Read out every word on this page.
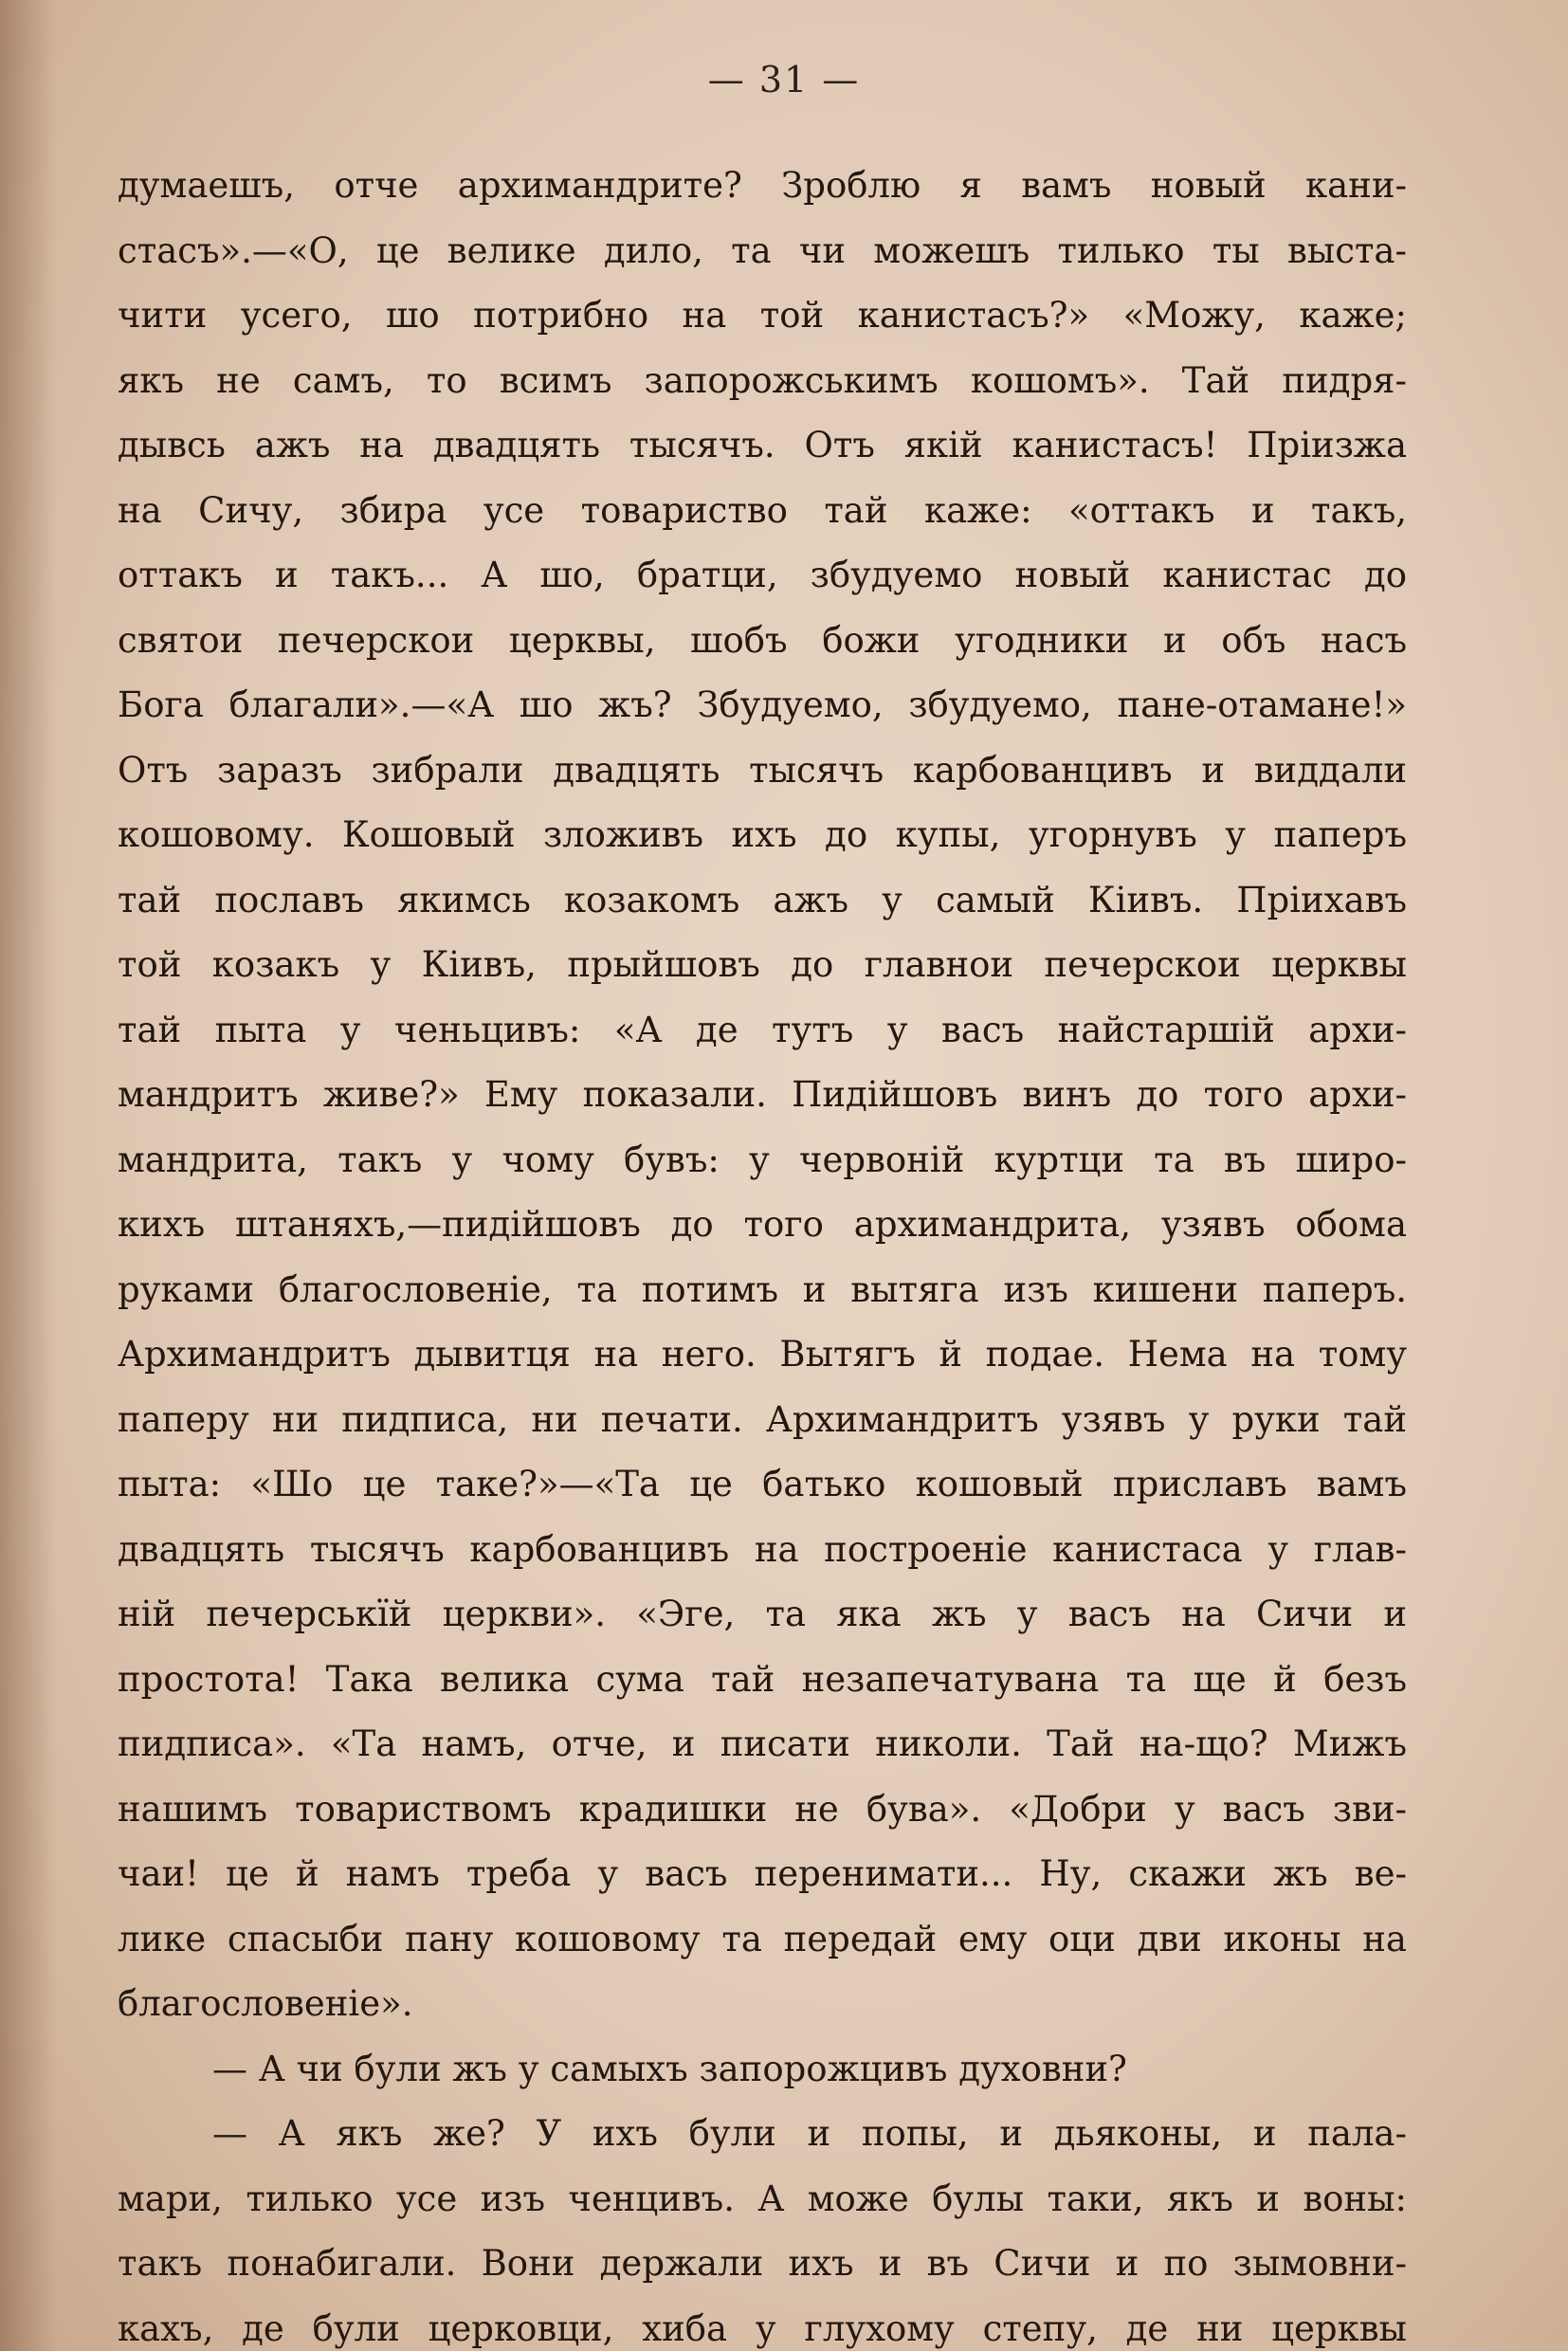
— 31 —
думаешъ, отче архимандрите? Зроблю я вамъ новый кани-
стасъ».—«О, це велике дило, та чи можешъ тилько ты выста-
чити усего, шо потрибно на той канистасъ?» «Можу, каже;
якъ не самъ, то всимъ запорожськимъ кошомъ». Тай пидря-
дывсь ажъ на двадцять тысячъ. Отъ якій канистасъ! Пріизжа
на Сичу, збира усе товариство тай каже: «оттакъ и такъ,
оттакъ и такъ... А шо, братци, збудуемо новый канистас до
святои печерскои церквы, шобъ божи угодники и объ насъ
Бога благали».—«А шо жъ? Збудуемо, збудуемо, пане-отамане!»
Отъ заразъ зибрали двадцять тысячъ карбованцивъ и виддали
кошовому. Кошовый зложивъ ихъ до купы, угорнувъ у паперъ
тай пославъ якимсь козакомъ ажъ у самый Кіивъ. Пріихавъ
той козакъ у Кіивъ, прыйшовъ до главнои печерскои церквы
тай пыта у ченьцивъ: «А де тутъ у васъ найстаршій архи-
мандритъ живе?» Ему показали. Пидійшовъ винъ до того архи-
мандрита, такъ у чому бувъ: у червоній куртци та въ широ-
кихъ штаняхъ,—пидійшовъ до того архимандрита, узявъ обома
руками благословеніе, та потимъ и вытяга изъ кишени паперъ.
Архимандритъ дывитця на него. Вытягъ й подае. Нема на тому
паперу ни пидписа, ни печати. Архимандритъ узявъ у руки тай
пыта: «Шо це таке?»—«Та це батько кошовый приславъ вамъ
двадцять тысячъ карбованцивъ на построеніе канистаса у глав-
ній печерськїй церкви». «Эге, та яка жъ у васъ на Сичи и
простота! Така велика сума тай незапечатувана та ще й безъ
пидписа». «Та намъ, отче, и писати николи. Тай на-що? Мижъ
нашимъ товариствомъ крадишки не бува». «Добри у васъ зви-
чаи! це й намъ треба у васъ перенимати... Ну, скажи жъ ве-
лике спасыби пану кошовому та передай ему оци дви иконы на
благословеніе».
— А чи були жъ у самыхъ запорожцивъ духовни?
— А якъ же? У ихъ були и попы, и дьяконы, и пала-
мари, тилько усе изъ ченцивъ. А може булы таки, якъ и воны:
такъ понабигали. Вони держали ихъ и въ Сичи и по зымовни-
кахъ, де були церковци, хиба у глухому степу, де ни церквы
